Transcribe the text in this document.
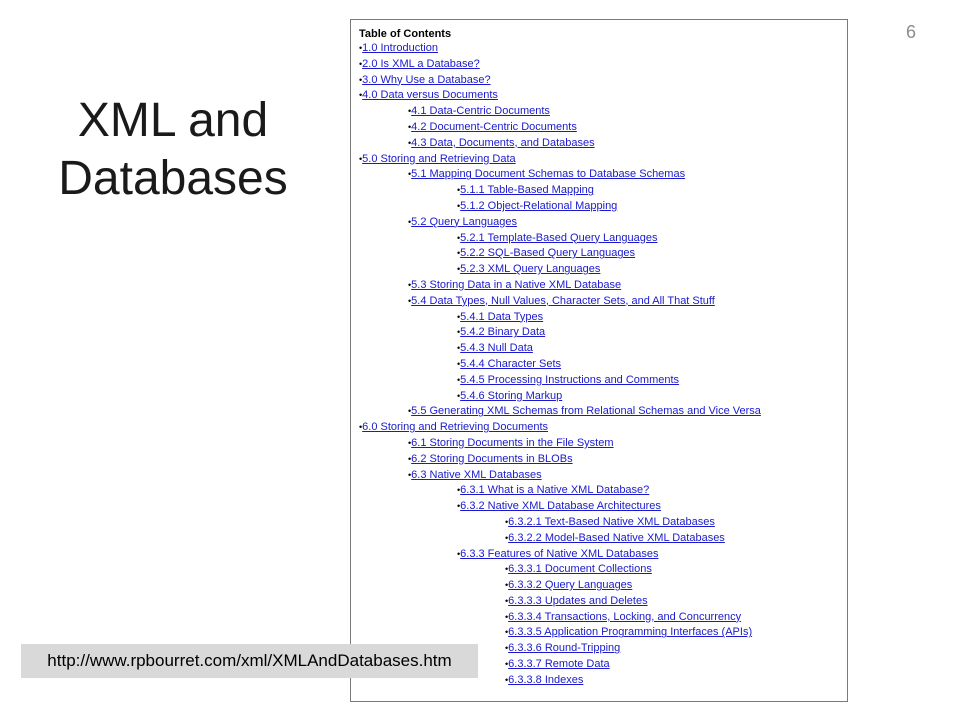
XML and
Databases
6
Table of Contents
•1.0 Introduction
•2.0 Is XML a Database?
•3.0 Why Use a Database?
•4.0 Data versus Documents
•4.1 Data-Centric Documents
•4.2 Document-Centric Documents
•4.3 Data, Documents, and Databases
•5.0 Storing and Retrieving Data
•5.1 Mapping Document Schemas to Database Schemas
•5.1.1 Table-Based Mapping
•5.1.2 Object-Relational Mapping
•5.2 Query Languages
•5.2.1 Template-Based Query Languages
•5.2.2 SQL-Based Query Languages
•5.2.3 XML Query Languages
•5.3 Storing Data in a Native XML Database
•5.4 Data Types, Null Values, Character Sets, and All That Stuff
•5.4.1 Data Types
•5.4.2 Binary Data
•5.4.3 Null Data
•5.4.4 Character Sets
•5.4.5 Processing Instructions and Comments
•5.4.6 Storing Markup
•5.5 Generating XML Schemas from Relational Schemas and Vice Versa
•6.0 Storing and Retrieving Documents
•6.1 Storing Documents in the File System
•6.2 Storing Documents in BLOBs
•6.3 Native XML Databases
•6.3.1 What is a Native XML Database?
•6.3.2 Native XML Database Architectures
•6.3.2.1 Text-Based Native XML Databases
•6.3.2.2 Model-Based Native XML Databases
•6.3.3 Features of Native XML Databases
•6.3.3.1 Document Collections
•6.3.3.2 Query Languages
•6.3.3.3 Updates and Deletes
•6.3.3.4 Transactions, Locking, and Concurrency
•6.3.3.5 Application Programming Interfaces (APIs)
•6.3.3.6 Round-Tripping
•6.3.3.7 Remote Data
•6.3.3.8 Indexes
http://www.rpbourret.com/xml/XMLAndDatabases.htm
